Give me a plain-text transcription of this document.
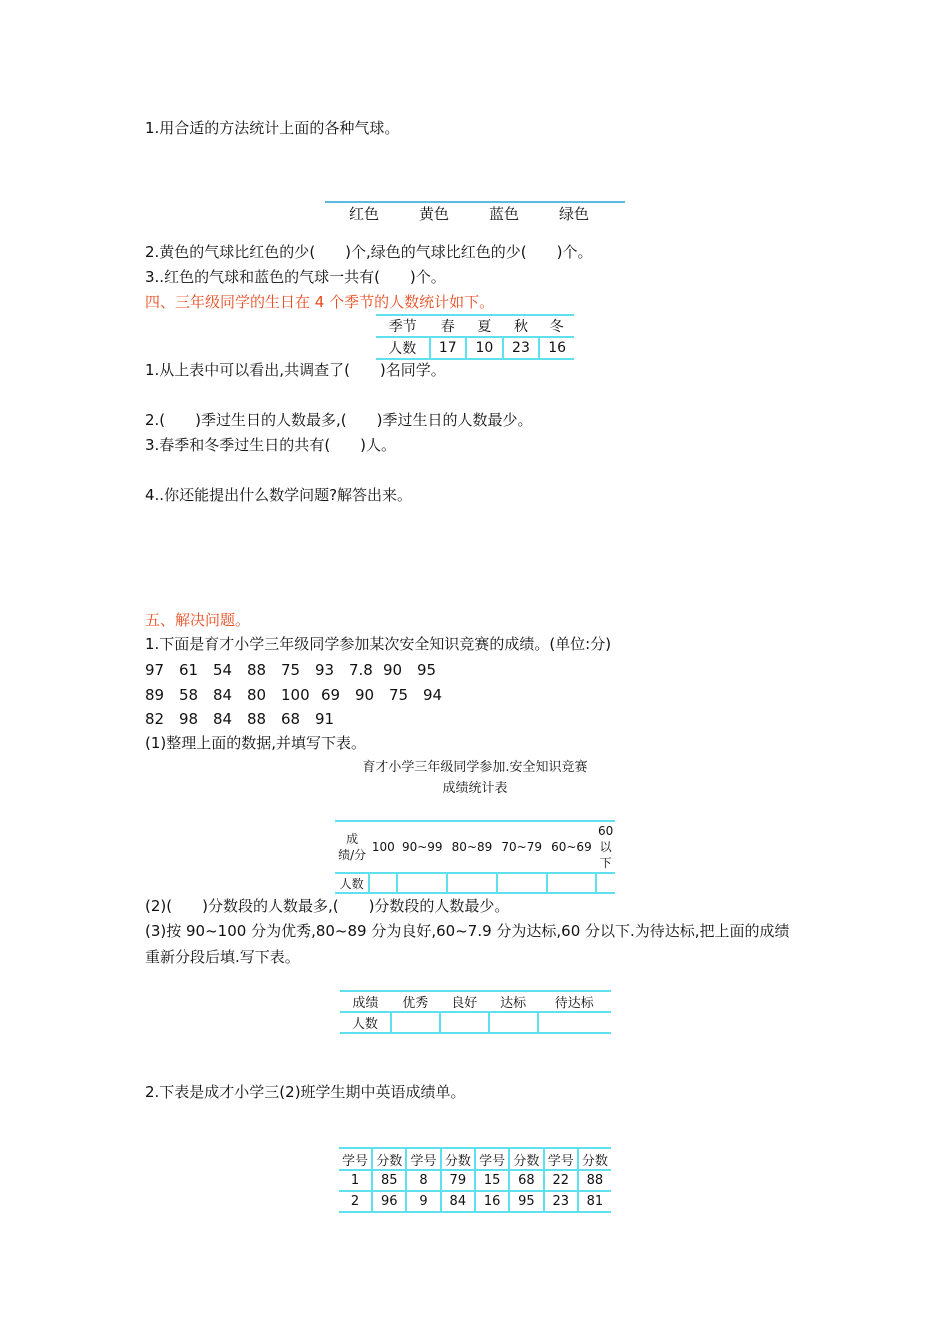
1.用合适的方法统计上面的各种气球。
红色	黄色	蓝色	绿色
2.黄色的气球比红色的少(　　)个,绿色的气球比红色的少(　　)个。
3..红色的气球和蓝色的气球一共有(　　)个。
四、三年级同学的生日在 4 个季节的人数统计如下。
季节	春	夏	秋	冬
人数	17	10	23	16
1.从上表中可以看出,共调查了(　　)名同学。
2.(　　)季过生日的人数最多,(　　)季过生日的人数最少。
3.春季和冬季过生日的共有(　　)人。
4..你还能提出什么数学问题?解答出来。
五、解决问题。
1.下面是育才小学三年级同学参加某次安全知识竞赛的成绩。(单位:分)
97 61 54 88 75 93 7.8 90 95
89 58 84 80 100 69 90 75 94
82 98 84 88 68 91
(1)整理上面的数据,并填写下表。
育才小学三年级同学参加.安全知识竞赛
成绩统计表
成
绩/分	100	90~99	80~89	70~79	60~69	60
以
下
人数						
(2)(　　)分数段的人数最多,(　　)分数段的人数最少。
(3)按 90~100 分为优秀,80~89 分为良好,60~7.9 分为达标,60 分以下.为待达标,把上面的成绩
重新分段后填.写下表。
成绩	优秀	良好	达标	待达标
人数				
2.下表是成才小学三(2)班学生期中英语成绩单。
学号	分数	学号	分数	学号	分数	学号	分数
1	85	8	79	15	68	22	88
2	96	9	84	16	95	23	81
